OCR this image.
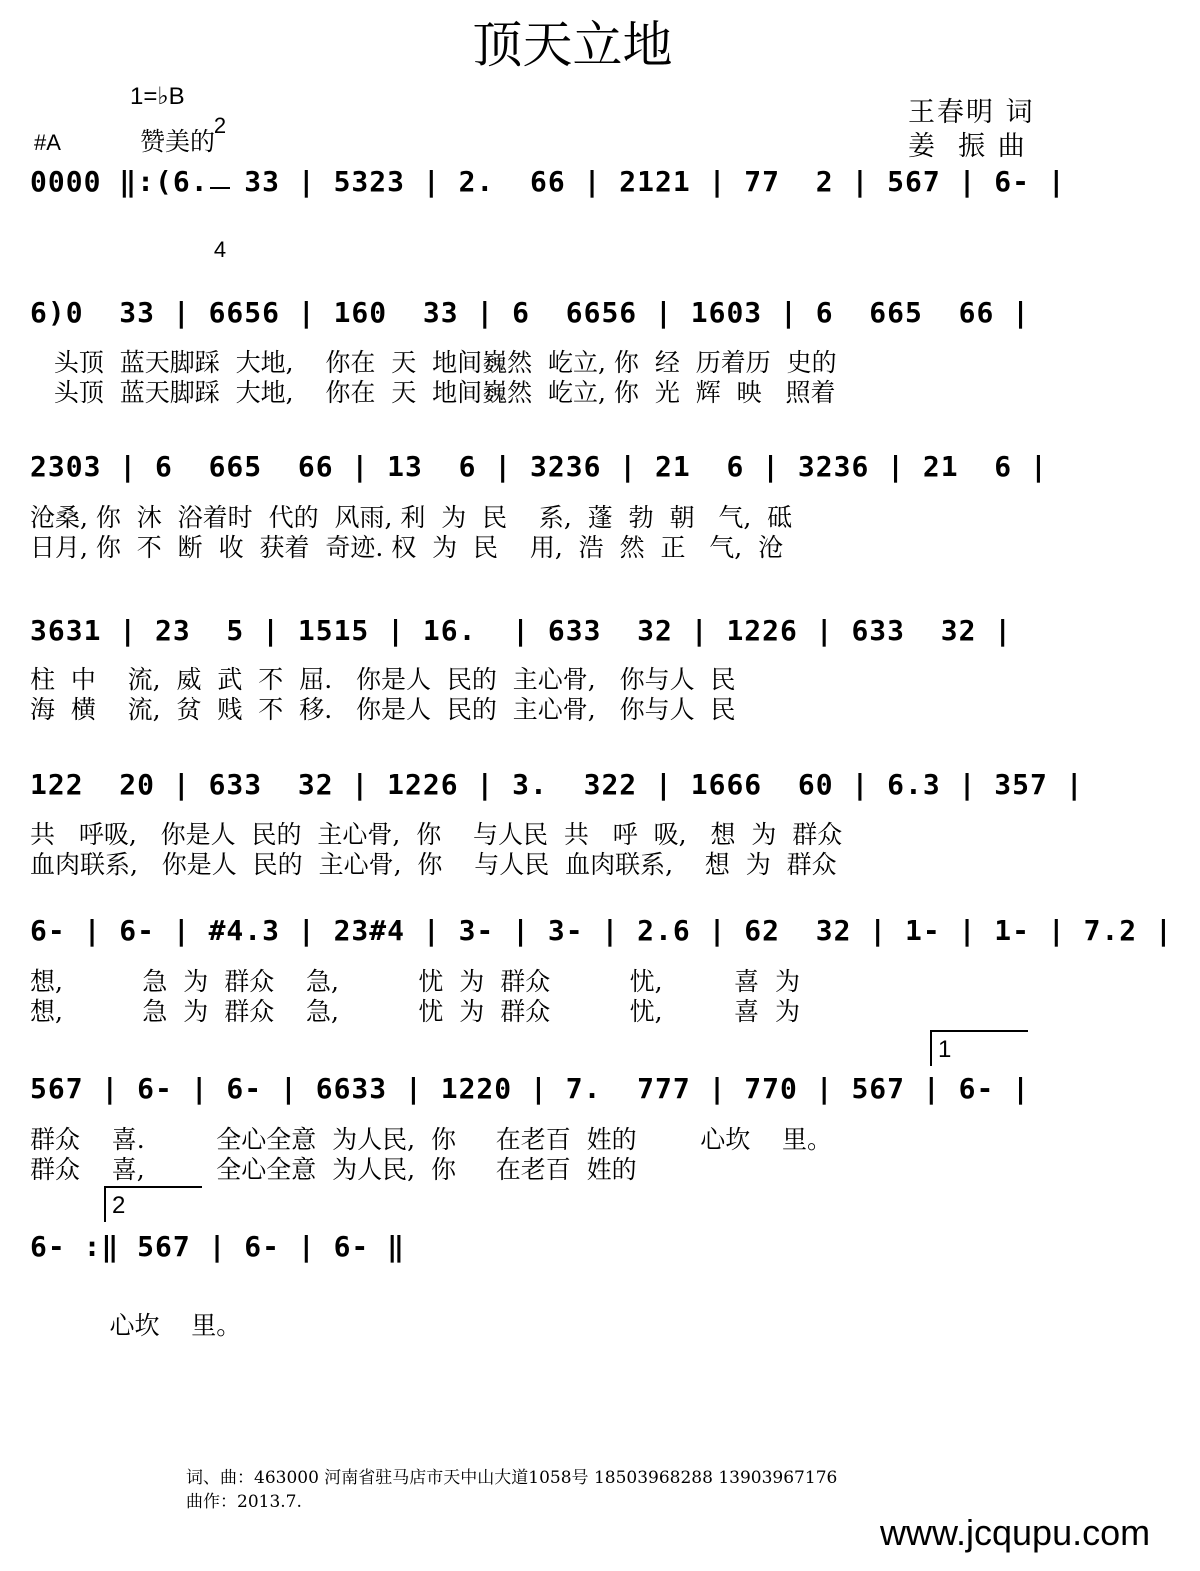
顶天立地
1=♭B

2

4

#A	赞美的
王春明 词
姜  振 曲
0000 ‖:(6.  33 | 5323 | 2.  66 | 2121 | 77  2 | 567 | 6- |
6)0  33 | 6656 | 160  33 | 6  6656 | 1603 | 6  665  66 |
头顶  蓝天脚踩  大地,    你在  天  地间巍然  屹立, 你  经  历着历  史的
头顶  蓝天脚踩  大地,    你在  天  地间巍然  屹立, 你  光  辉  映   照着
2303 | 6  665  66 | 13  6 | 3236 | 21  6 | 3236 | 21  6 |
沧桑, 你  沐  浴着时  代的  风雨, 利  为  民    系,  蓬  勃  朝   气,  砥
日月, 你  不  断  收  获着  奇迹. 权  为  民    用,  浩  然  正   气,  沧
3631 | 23  5 | 1515 | 16.  | 633  32 | 1226 | 633  32 |
柱  中    流,  威  武  不  屈.   你是人  民的  主心骨,   你与人  民
海  横    流,  贫  贱  不  移.   你是人  民的  主心骨,   你与人  民
122  20 | 633  32 | 1226 | 3.  322 | 1666  60 | 6.3 | 357 |
共   呼吸,   你是人  民的  主心骨,  你    与人民  共   呼  吸,   想  为  群众
血肉联系,   你是人  民的  主心骨,  你    与人民  血肉联系,    想  为  群众
6- | 6- | #4.3 | 23#4 | 3- | 3- | 2.6 | 62  32 | 1- | 1- | 7.2 |
想,          急  为  群众    急,          忧  为  群众          忧,         喜  为
想,          急  为  群众    急,          忧  为  群众          忧,         喜  为
1
567 | 6- | 6- | 6633 | 1220 | 7.  777 | 770 | 567 | 6- |
群众    喜.         全心全意  为人民,  你     在老百  姓的        心坎    里。
群众    喜,         全心全意  为人民,  你     在老百  姓的
2
6- :‖ 567 | 6- | 6- ‖
心坎    里。
词、曲：463000 河南省驻马店市天中山大道1058号 18503968288 13903967176
曲作：2013.7.
www.jcqupu.com
